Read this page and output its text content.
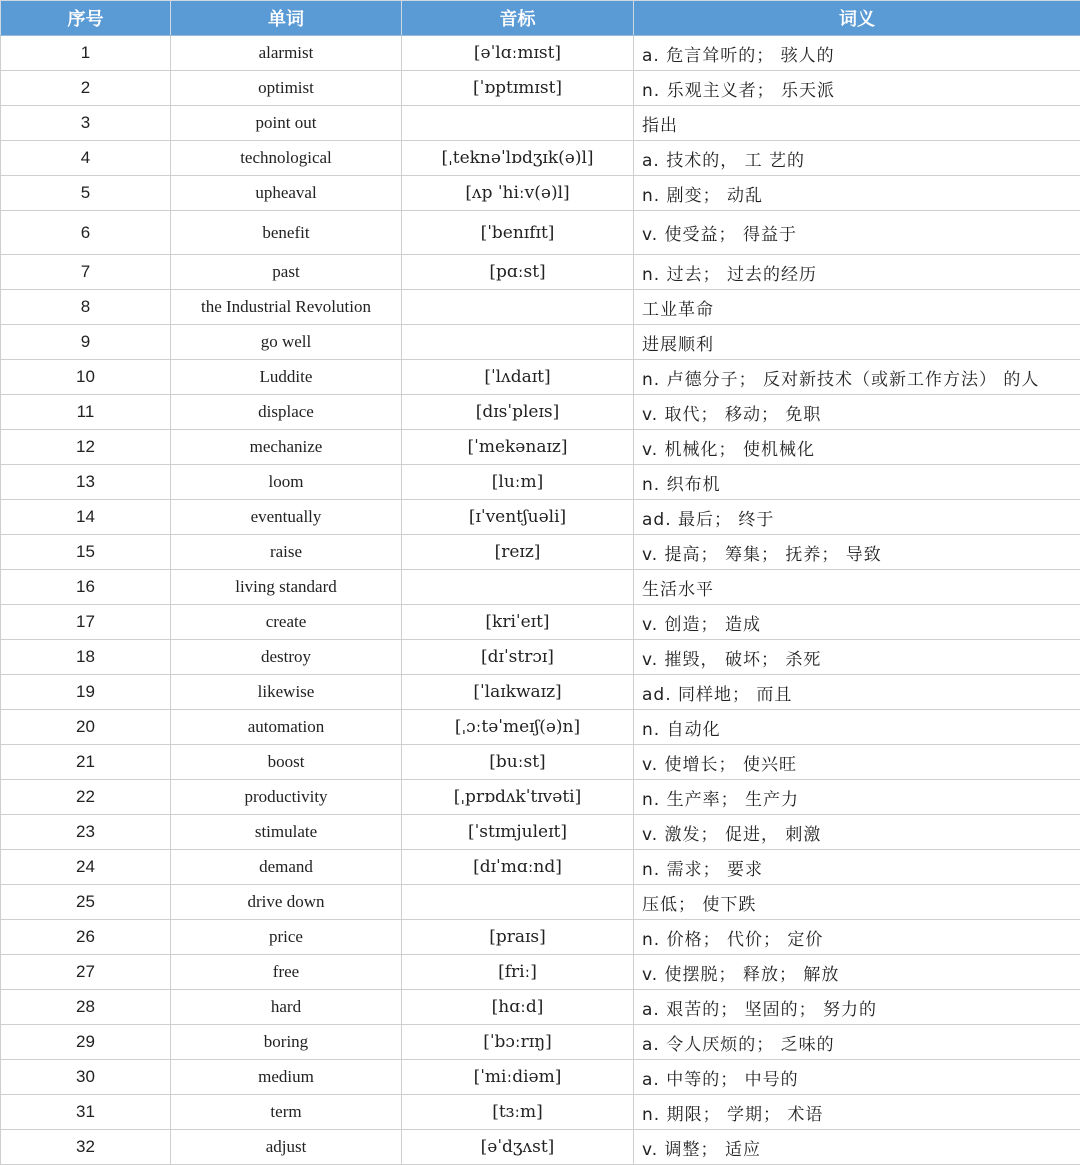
序号	单词	音标	词义
1	alarmist	[əˈlɑːmɪst]	a. 危言耸听的； 骇人的
2	optimist	[ˈɒptɪmɪst]	n. 乐观主义者； 乐天派
3	point out		指出
4	technological	[ˌteknəˈlɒdʒɪk(ə)l]	a. 技术的， 工 艺的
5	upheaval	[ʌp ˈhiːv(ə)l]	n. 剧变； 动乱
6	benefit	[ˈbenɪfɪt]	v. 使受益； 得益于
7	past	[pɑːst]	n. 过去； 过去的经历
8	the Industrial Revolution		工业革命
9	go well		进展顺利
10	Luddite	[ˈlʌdaɪt]	n. 卢德分子； 反对新技术（或新工作方法） 的人
11	displace	[dɪsˈpleɪs]	v. 取代； 移动； 免职
12	mechanize	[ˈmekənaɪz]	v. 机械化； 使机械化
13	loom	[luːm]	n. 织布机
14	eventually	[ɪˈventʃuəli]	ad. 最后； 终于
15	raise	[reɪz]	v. 提高； 筹集； 抚养； 导致
16	living standard		生活水平
17	create	[kriˈeɪt]	v. 创造； 造成
18	destroy	[dɪˈstrɔɪ]	v. 摧毁， 破坏； 杀死
19	likewise	[ˈlaɪkwaɪz]	ad. 同样地； 而且
20	automation	[ˌɔːtəˈmeɪʃ(ə)n]	n. 自动化
21	boost	[buːst]	v. 使增长； 使兴旺
22	productivity	[ˌprɒdʌkˈtɪvəti]	n. 生产率； 生产力
23	stimulate	[ˈstɪmjuleɪt]	v. 激发； 促进， 刺激
24	demand	[dɪˈmɑːnd]	n. 需求； 要求
25	drive down		压低； 使下跌
26	price	[praɪs]	n. 价格； 代价； 定价
27	free	[friː]	v. 使摆脱； 释放； 解放
28	hard	[hɑːd]	a. 艰苦的； 坚固的； 努力的
29	boring	[ˈbɔːrɪŋ]	a. 令人厌烦的； 乏味的
30	medium	[ˈmiːdiəm]	a. 中等的； 中号的
31	term	[tɜːm]	n. 期限； 学期； 术语
32	adjust	[əˈdʒʌst]	v. 调整； 适应
